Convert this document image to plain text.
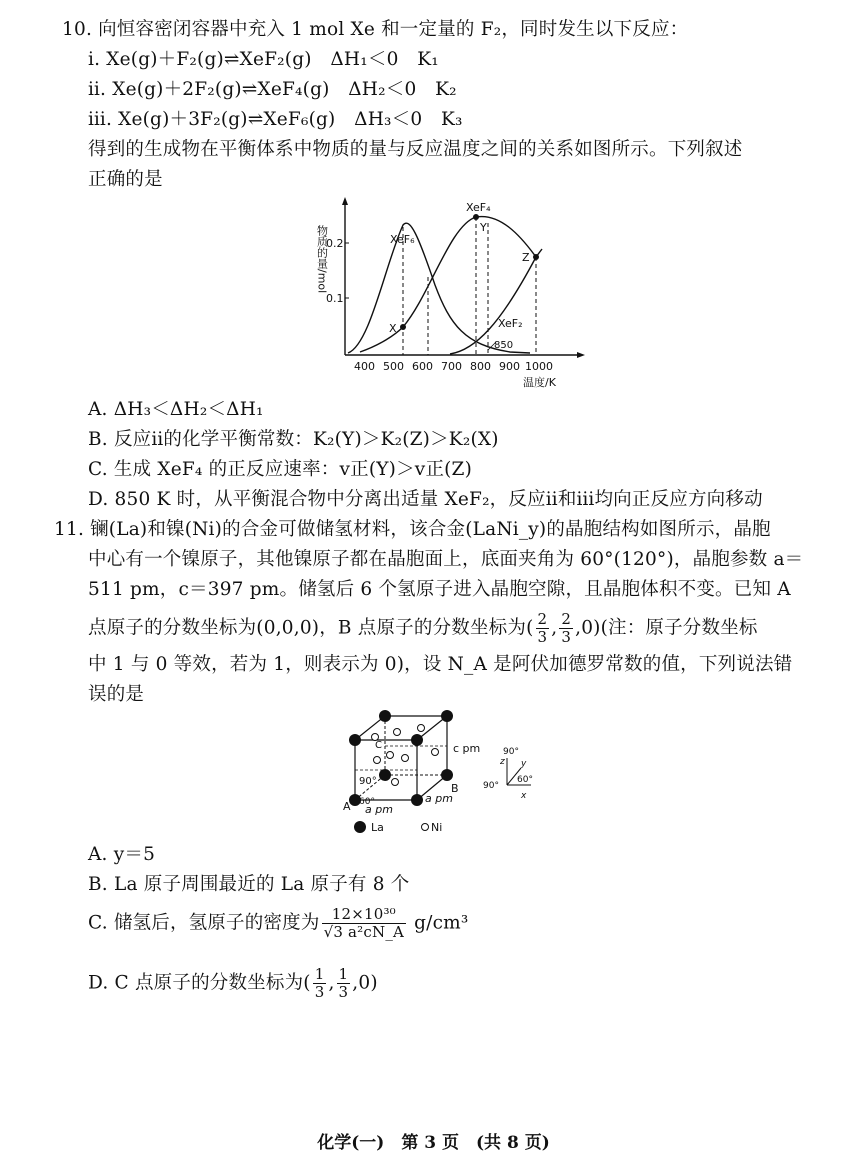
10. 向恒容密闭容器中充入 1 mol Xe 和一定量的 F₂，同时发生以下反应：
ⅰ. Xe(g)＋F₂(g)⇌XeF₂(g)　ΔH₁＜0　K₁
ⅱ. Xe(g)＋2F₂(g)⇌XeF₄(g)　ΔH₂＜0　K₂
ⅲ. Xe(g)＋3F₂(g)⇌XeF₆(g)　ΔH₃＜0　K₃
得到的生成物在平衡体系中物质的量与反应温度之间的关系如图所示。下列叙述
正确的是
物质的量/mol
0.2
0.1
400 500 600 700 800 900 1000
温度/K
XeF₆
XeF₄
XeF₂
X
Y
Z
850
A. ΔH₃＜ΔH₂＜ΔH₁
B. 反应ⅱ的化学平衡常数：K₂(Y)＞K₂(Z)＞K₂(X)
C. 生成 XeF₄ 的正反应速率：v正(Y)＞v正(Z)
D. 850 K 时，从平衡混合物中分离出适量 XeF₂，反应ⅱ和ⅲ均向正反应方向移动
11. 镧(La)和镍(Ni)的合金可做储氢材料，该合金(LaNi_y)的晶胞结构如图所示，晶胞
中心有一个镍原子，其他镍原子都在晶胞面上，底面夹角为 60°(120°)，晶胞参数 a＝
511 pm，c＝397 pm。储氢后 6 个氢原子进入晶胞空隙，且晶胞体积不变。已知 A
点原子的分数坐标为(0,0,0)，B 点原子的分数坐标为( $\frac{2}{3}$ , $\frac{2}{3} ,0$)(注：原子分数坐标
中 1 与 0 等效，若为 1，则表示为 0)，设 N_A 是阿伏加德罗常数的值，下列说法错
误的是
C	c pm
90°
60°
A
B
a pm
a pm
La	Ni
z y
x
90°
90°
60°
A. y＝5
B. La 原子周围最近的 La 原子有 8 个
C. 储氢后，氢原子的密度为 $\frac{\text{12×10³⁰}}{\text{√3 a²cN\_A}} g/cm^3$
D. C 点原子的分数坐标为( $\frac{1}{3}$ , $\frac{1}{3} ,0$)
化学(一)　第 3 页　(共 8 页)
